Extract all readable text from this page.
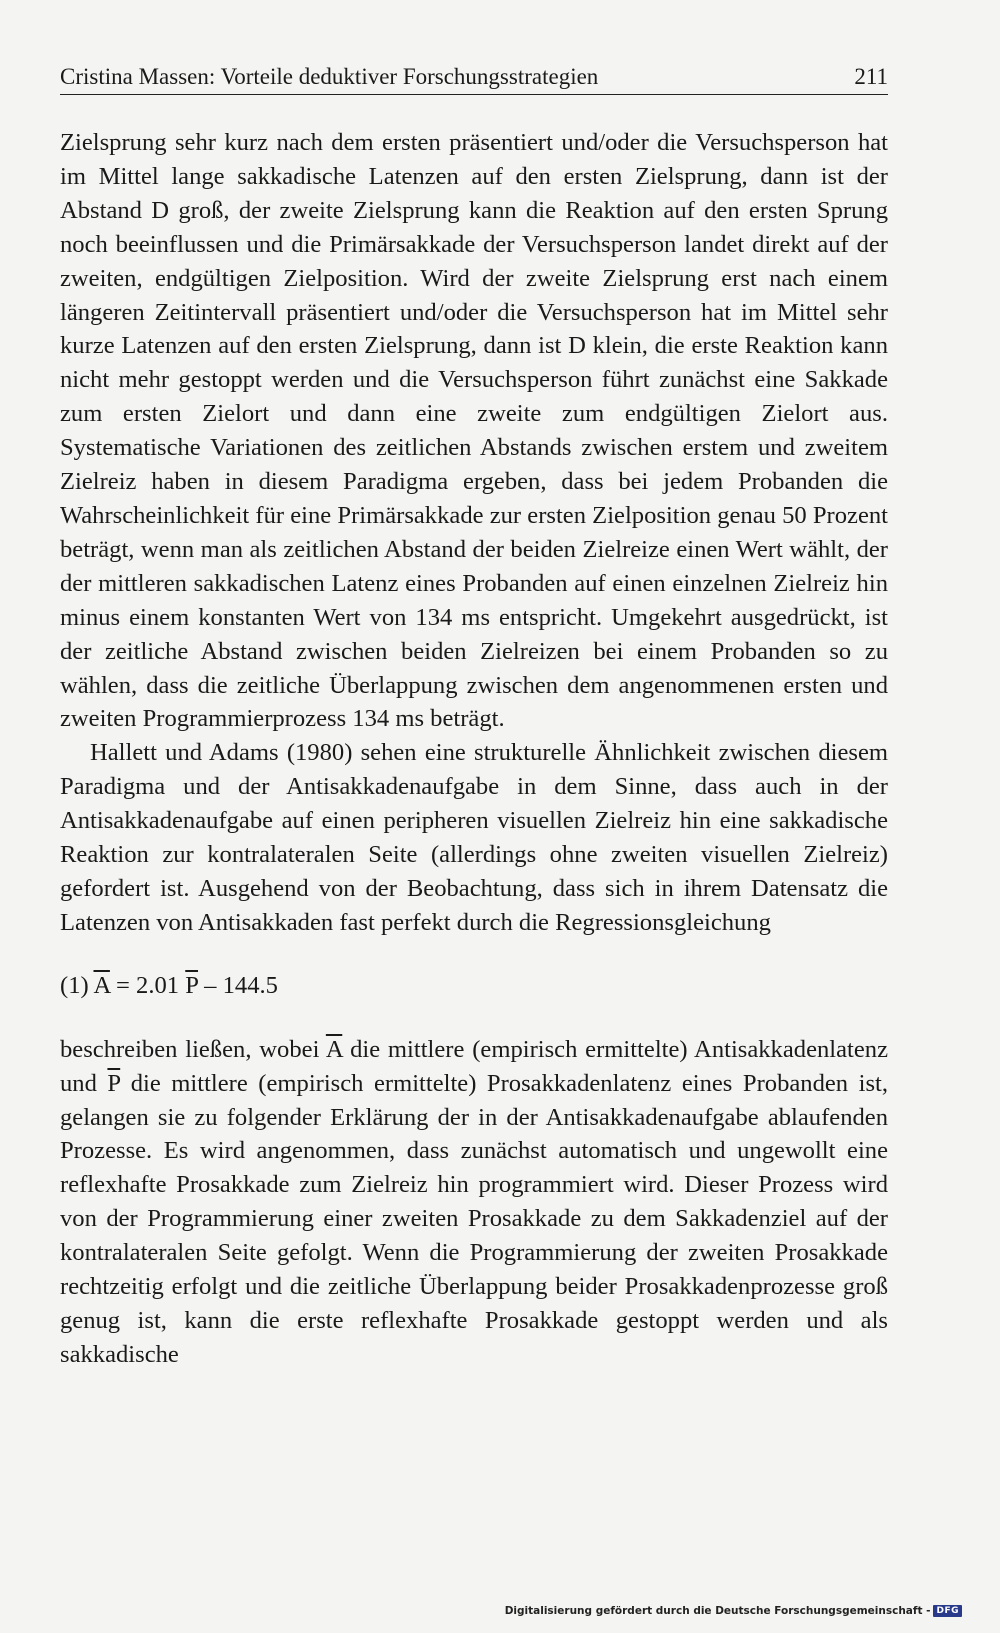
Cristina Massen: Vorteile deduktiver Forschungsstrategien	211

Zielsprung sehr kurz nach dem ersten präsentiert und/oder die Versuchsperson hat im Mittel lange sakkadische Latenzen auf den ersten Zielsprung, dann ist der Abstand D groß, der zweite Zielsprung kann die Reaktion auf den ersten Sprung noch beeinflussen und die Primärsakkade der Versuchsperson landet direkt auf der zweiten, endgültigen Zielposition. Wird der zweite Zielsprung erst nach einem längeren Zeitintervall präsentiert und/oder die Versuchsperson hat im Mittel sehr kurze Latenzen auf den ersten Zielsprung, dann ist D klein, die erste Reaktion kann nicht mehr gestoppt werden und die Versuchsperson führt zunächst eine Sakkade zum ersten Zielort und dann eine zweite zum endgültigen Zielort aus. Systematische Variationen des zeitlichen Abstands zwischen erstem und zweitem Zielreiz haben in diesem Paradigma ergeben, dass bei jedem Probanden die Wahrscheinlichkeit für eine Primärsakkade zur ersten Zielposition genau 50 Prozent beträgt, wenn man als zeitlichen Abstand der beiden Zielreize einen Wert wählt, der der mittleren sakkadischen Latenz eines Probanden auf einen einzelnen Zielreiz hin minus einem konstanten Wert von 134 ms entspricht. Umgekehrt ausgedrückt, ist der zeitliche Abstand zwischen beiden Zielreizen bei einem Probanden so zu wählen, dass die zeitliche Überlappung zwischen dem angenommenen ersten und zweiten Programmierprozess 134 ms beträgt.

Hallett und Adams (1980) sehen eine strukturelle Ähnlichkeit zwischen diesem Paradigma und der Antisakkadenaufgabe in dem Sinne, dass auch in der Antisakkadenaufgabe auf einen peripheren visuellen Zielreiz hin eine sakkadische Reaktion zur kontralateralen Seite (allerdings ohne zweiten visuellen Zielreiz) gefordert ist. Ausgehend von der Beobachtung, dass sich in ihrem Datensatz die Latenzen von Antisakkaden fast perfekt durch die Regressionsgleichung

(1) $\overline{A} = 2.01$ $\overline{P} - 144.5$

beschreiben ließen, wobei $\overline{A}$ die mittlere (empirisch ermittelte) Antisakkadenlatenz und $\overline{P}$ die mittlere (empirisch ermittelte) Prosakkadenlatenz eines Probanden ist, gelangen sie zu folgender Erklärung der in der Antisakkadenaufgabe ablaufenden Prozesse. Es wird angenommen, dass zunächst automatisch und ungewollt eine reflexhafte Prosakkade zum Zielreiz hin programmiert wird. Dieser Prozess wird von der Programmierung einer zweiten Prosakkade zu dem Sakkadenziel auf der kontralateralen Seite gefolgt. Wenn die Programmierung der zweiten Prosakkade rechtzeitig erfolgt und die zeitliche Überlappung beider Prosakkadenprozesse groß genug ist, kann die erste reflexhafte Prosakkade gestoppt werden und als sakkadische

Digitalisierung gefördert durch die Deutsche Forschungsgemeinschaft - DFG
